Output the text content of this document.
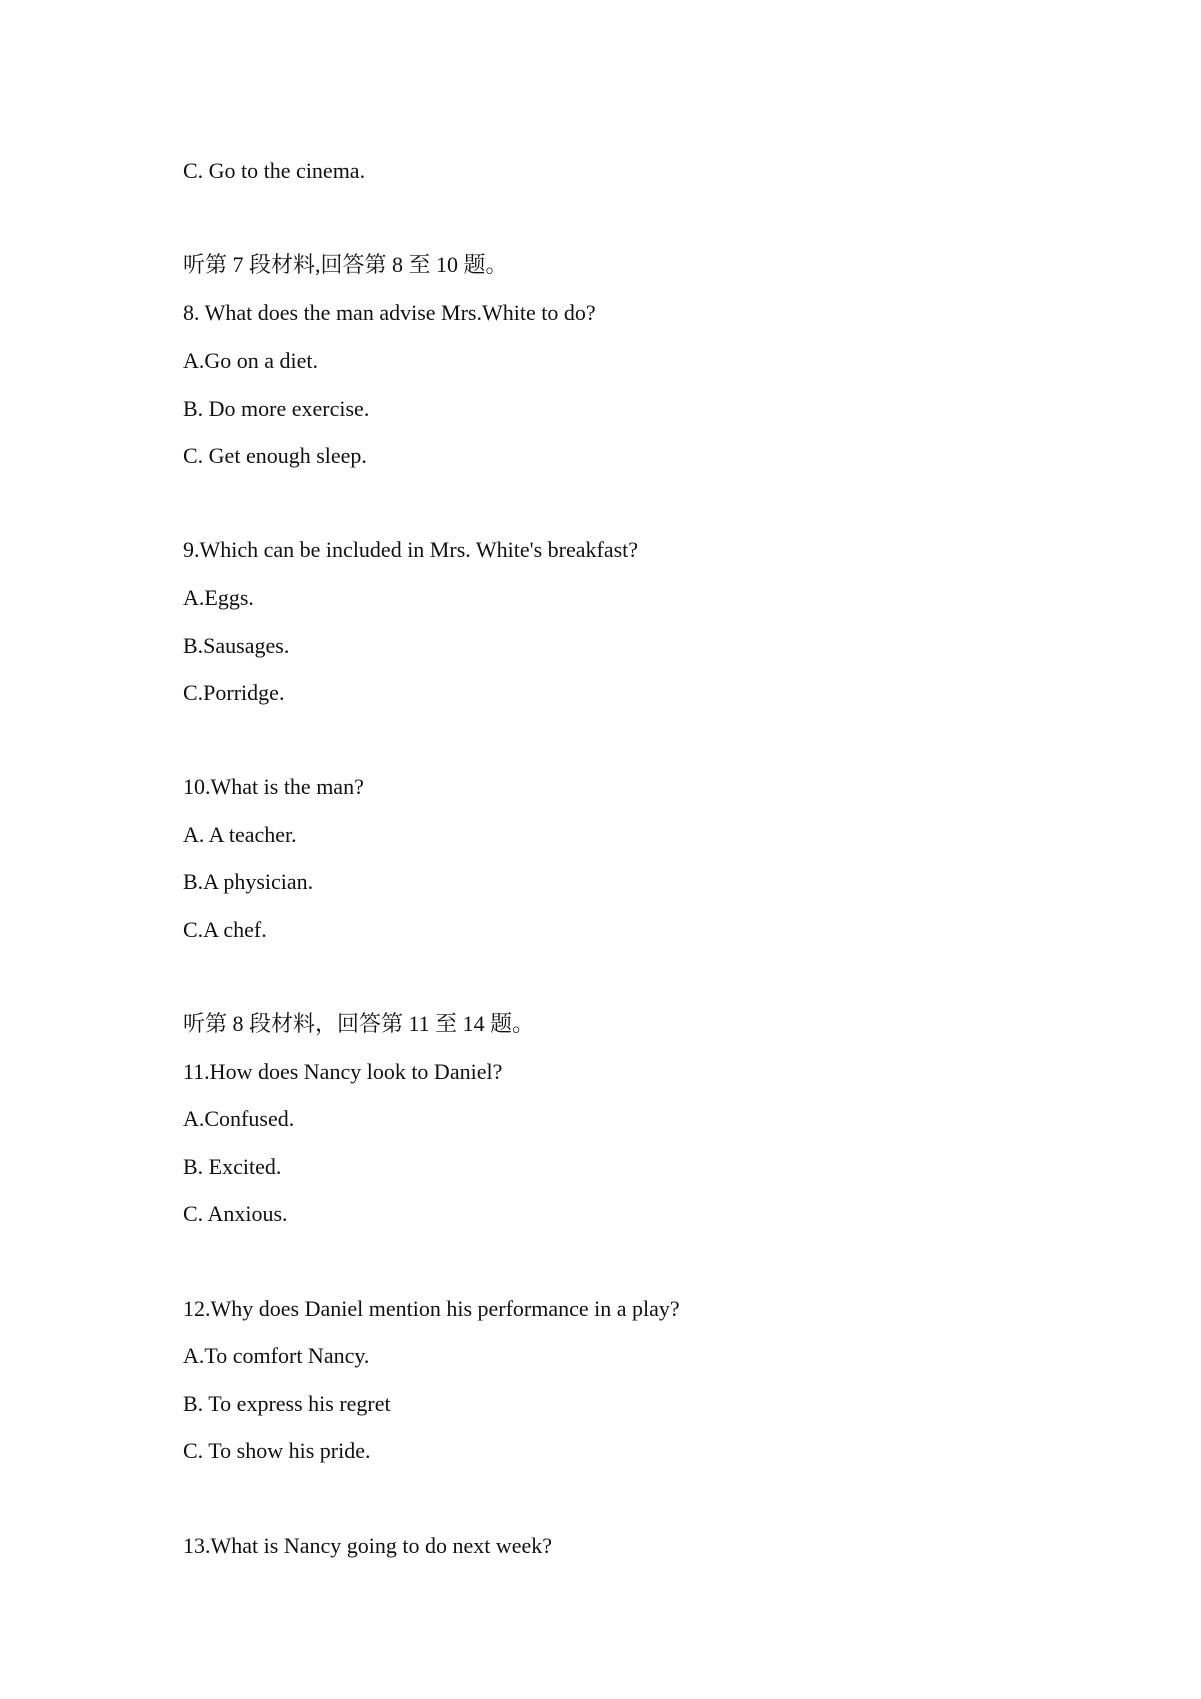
C. Go to the cinema.
听第 7 段材料,回答第 8 至 10 题。
8. What does the man advise Mrs.White to do?
A.Go on a diet.
B. Do more exercise.
C. Get enough sleep.
9.Which can be included in Mrs. White's breakfast?
A.Eggs.
B.Sausages.
C.Porridge.
10.What is the man?
A. A teacher.
B.A physician.
C.A chef.
听第 8 段材料，回答第 11 至 14 题。
11.How does Nancy look to Daniel?
A.Confused.
B. Excited.
C. Anxious.
12.Why does Daniel mention his performance in a play?
A.To comfort Nancy.
B. To express his regret
C. To show his pride.
13.What is Nancy going to do next week?
